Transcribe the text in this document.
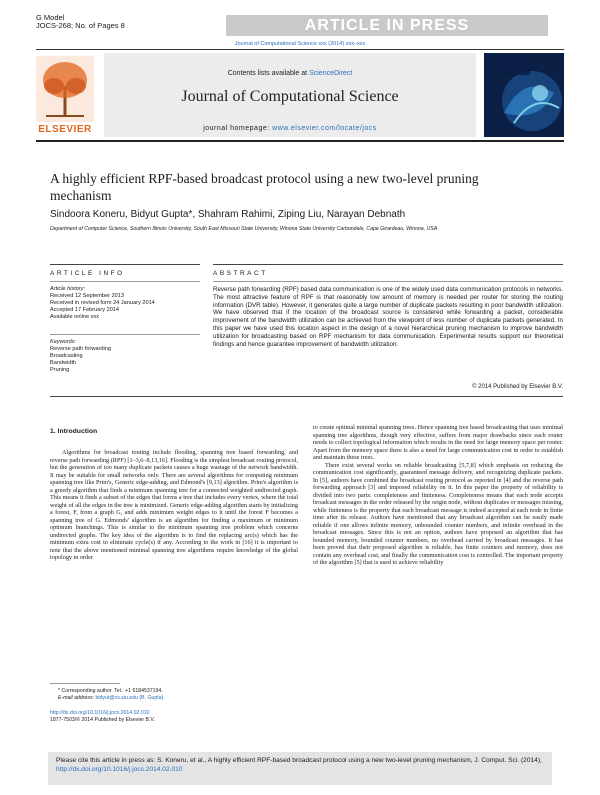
G Model
JOCS-268; No. of Pages 8	ARTICLE IN PRESS
Journal of Computational Science xxx (2014) xxx–xxx
ELSEVIER
Contents lists available at ScienceDirect
Journal of Computational Science
journal homepage: www.elsevier.com/locate/jocs
A highly efficient RPF-based broadcast protocol using a new two-level pruning mechanism
Sindoora Koneru, Bidyut Gupta*, Shahram Rahimi, Ziping Liu, Narayan Debnath
Department of Computer Science, Southern Illinois University, South East Missouri State University, Winona State University Carbondale, Cape Girardeau, Winona, USA
ARTICLE INFO	ABSTRACT
Article history:
Received 12 September 2013
Received in revised form 24 January 2014
Accepted 17 February 2014
Available online xxx
Keywords:
Reverse path forwarding
Broadcasting
Bandwidth
Pruning
Reverse path forwarding (RPF) based data communication is one of the widely used data communication protocols in networks. The most attractive feature of RPF is that reasonably low amount of memory is needed per router for storing the routing information (DVR table). However, it generates quite a large number of duplicate packets resulting in poor bandwidth utilization. We have observed that if the location of the broadcast source is considered while forwarding a packet, considerable improvement of the bandwidth utilization can be achieved from the viewpoint of less number of duplicate packets generated. In this paper we have used this location aspect in the design of a novel hierarchical pruning mechanism to improve bandwidth utilization for broadcasting based on RPF mechanism for data communication. Experimental results support our theoretical findings and hence guarantee improvement of bandwidth utilization.
© 2014 Published by Elsevier B.V.
1. Introduction

Algorithms for broadcast routing include flooding, spanning tree based forwarding, and reverse path forwarding (RPF) [1–3,6–8,13,16]. Flooding is the simplest broadcast routing protocol, but the generation of too many duplicate packets causes a huge wastage of the network bandwidth. It may be suitable for small networks only. There are several algorithms for computing minimum spanning tree like Prim's, Generic edge-adding, and Edmond's [9,13] algorithm. Prim's algorithm is a greedy algorithm that finds a minimum spanning tree for a connected weighted undirected graph. This means it finds a subset of the edges that forms a tree that includes every vertex, where the total weight of all the edges in the tree is minimized. Generic edge-adding algorithm starts by initializing a forest, F, from a graph G, and adds minimum weight edges to it until the forest F becomes a spanning tree of G. Edmonds' algorithm is an algorithm for finding a maximum or minimum optimum branchings. This is similar to the minimum spanning tree problem which concerns undirected graphs. The key idea of the algorithm is to find the replacing arc(s) which has the minimum extra cost to eliminate cycle(s) if any. According to the work in [16] it is important to note that the above mentioned minimal spanning tree algorithms require knowledge of the global topology in order

to create optimal minimal spanning trees. Hence spanning tree based broadcasting that uses minimal spanning tree algorithms, though very effective, suffers from major drawbacks since each router needs to collect topological information which results in the need for large memory space per router. Apart from the memory space there is also a need for large communication cost in order to establish and maintain these trees.

There exist several works on reliable broadcasting [5,7,8] which emphasis on reducing the communication cost significantly, guaranteed message delivery, and recognizing duplicate packets. In [5], authors have combined the broadcast routing protocol as reported in [4] and the reverse path forwarding approach [3] and imposed reliability on it. In this paper the property of reliability is divided into two parts: completeness and finiteness. Completeness means that each node accepts broadcast messages in the order released by the origin node, without duplicates or messages missing, while finiteness is the property that each broadcast message is indeed accepted at each node in finite time after its release. Authors have mentioned that any broadcast algorithm can be easily made reliable if one allows infinite memory, unbounded counter numbers, and infinite overhead in the broadcast messages. Since this is not an option, authors have proposed an algorithm that has bounded memory, bounded counter numbers, no overhead carried by broadcast messages. It has been proved that their proposed algorithm is reliable, has finite counters and memory, does not contain any overhead cost, and finally the communication cost is controlled. The important property of the algorithm [5] that is used to achieve reliability

* Corresponding author. Tel.: +1 6184537194.
E-mail address: bidyut@cs.siu.edu (B. Gupta).
http://dx.doi.org/10.1016/j.jocs.2014.02.010
1877-7503/© 2014 Published by Elsevier B.V.
Please cite this article in press as: S. Koneru, et al., A highly efficient RPF-based broadcast protocol using a new two-level pruning mechanism, J. Comput. Sci. (2014), http://dx.doi.org/10.1016/j.jocs.2014.02.010
